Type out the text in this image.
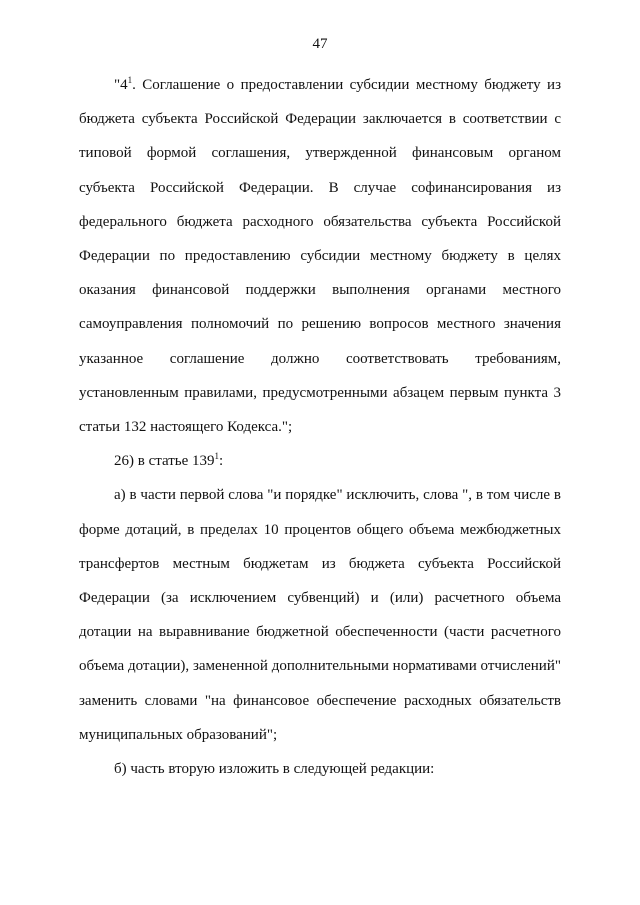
47

"$4^1$. Соглашение о предоставлении субсидии местному бюджету из бюджета субъекта Российской Федерации заключается в соответствии с типовой формой соглашения, утвержденной финансовым органом субъекта Российской Федерации. В случае софинансирования из федерального бюджета расходного обязательства субъекта Российской Федерации по предоставлению субсидии местному бюджету в целях оказания финансовой поддержки выполнения органами местного самоуправления полномочий по решению вопросов местного значения указанное соглашение должно соответствовать требованиям, установленным правилами, предусмотренными абзацем первым пункта 3 статьи 132 настоящего Кодекса.";

26) в статье $139^1$:

а) в части первой слова "и порядке" исключить, слова ", в том числе в форме дотаций, в пределах 10 процентов общего объема межбюджетных трансфертов местным бюджетам из бюджета субъекта Российской Федерации (за исключением субвенций) и (или) расчетного объема дотации на выравнивание бюджетной обеспеченности (части расчетного объема дотации), замененной дополнительными нормативами отчислений" заменить словами "на финансовое обеспечение расходных обязательств муниципальных образований";

б) часть вторую изложить в следующей редакции:
